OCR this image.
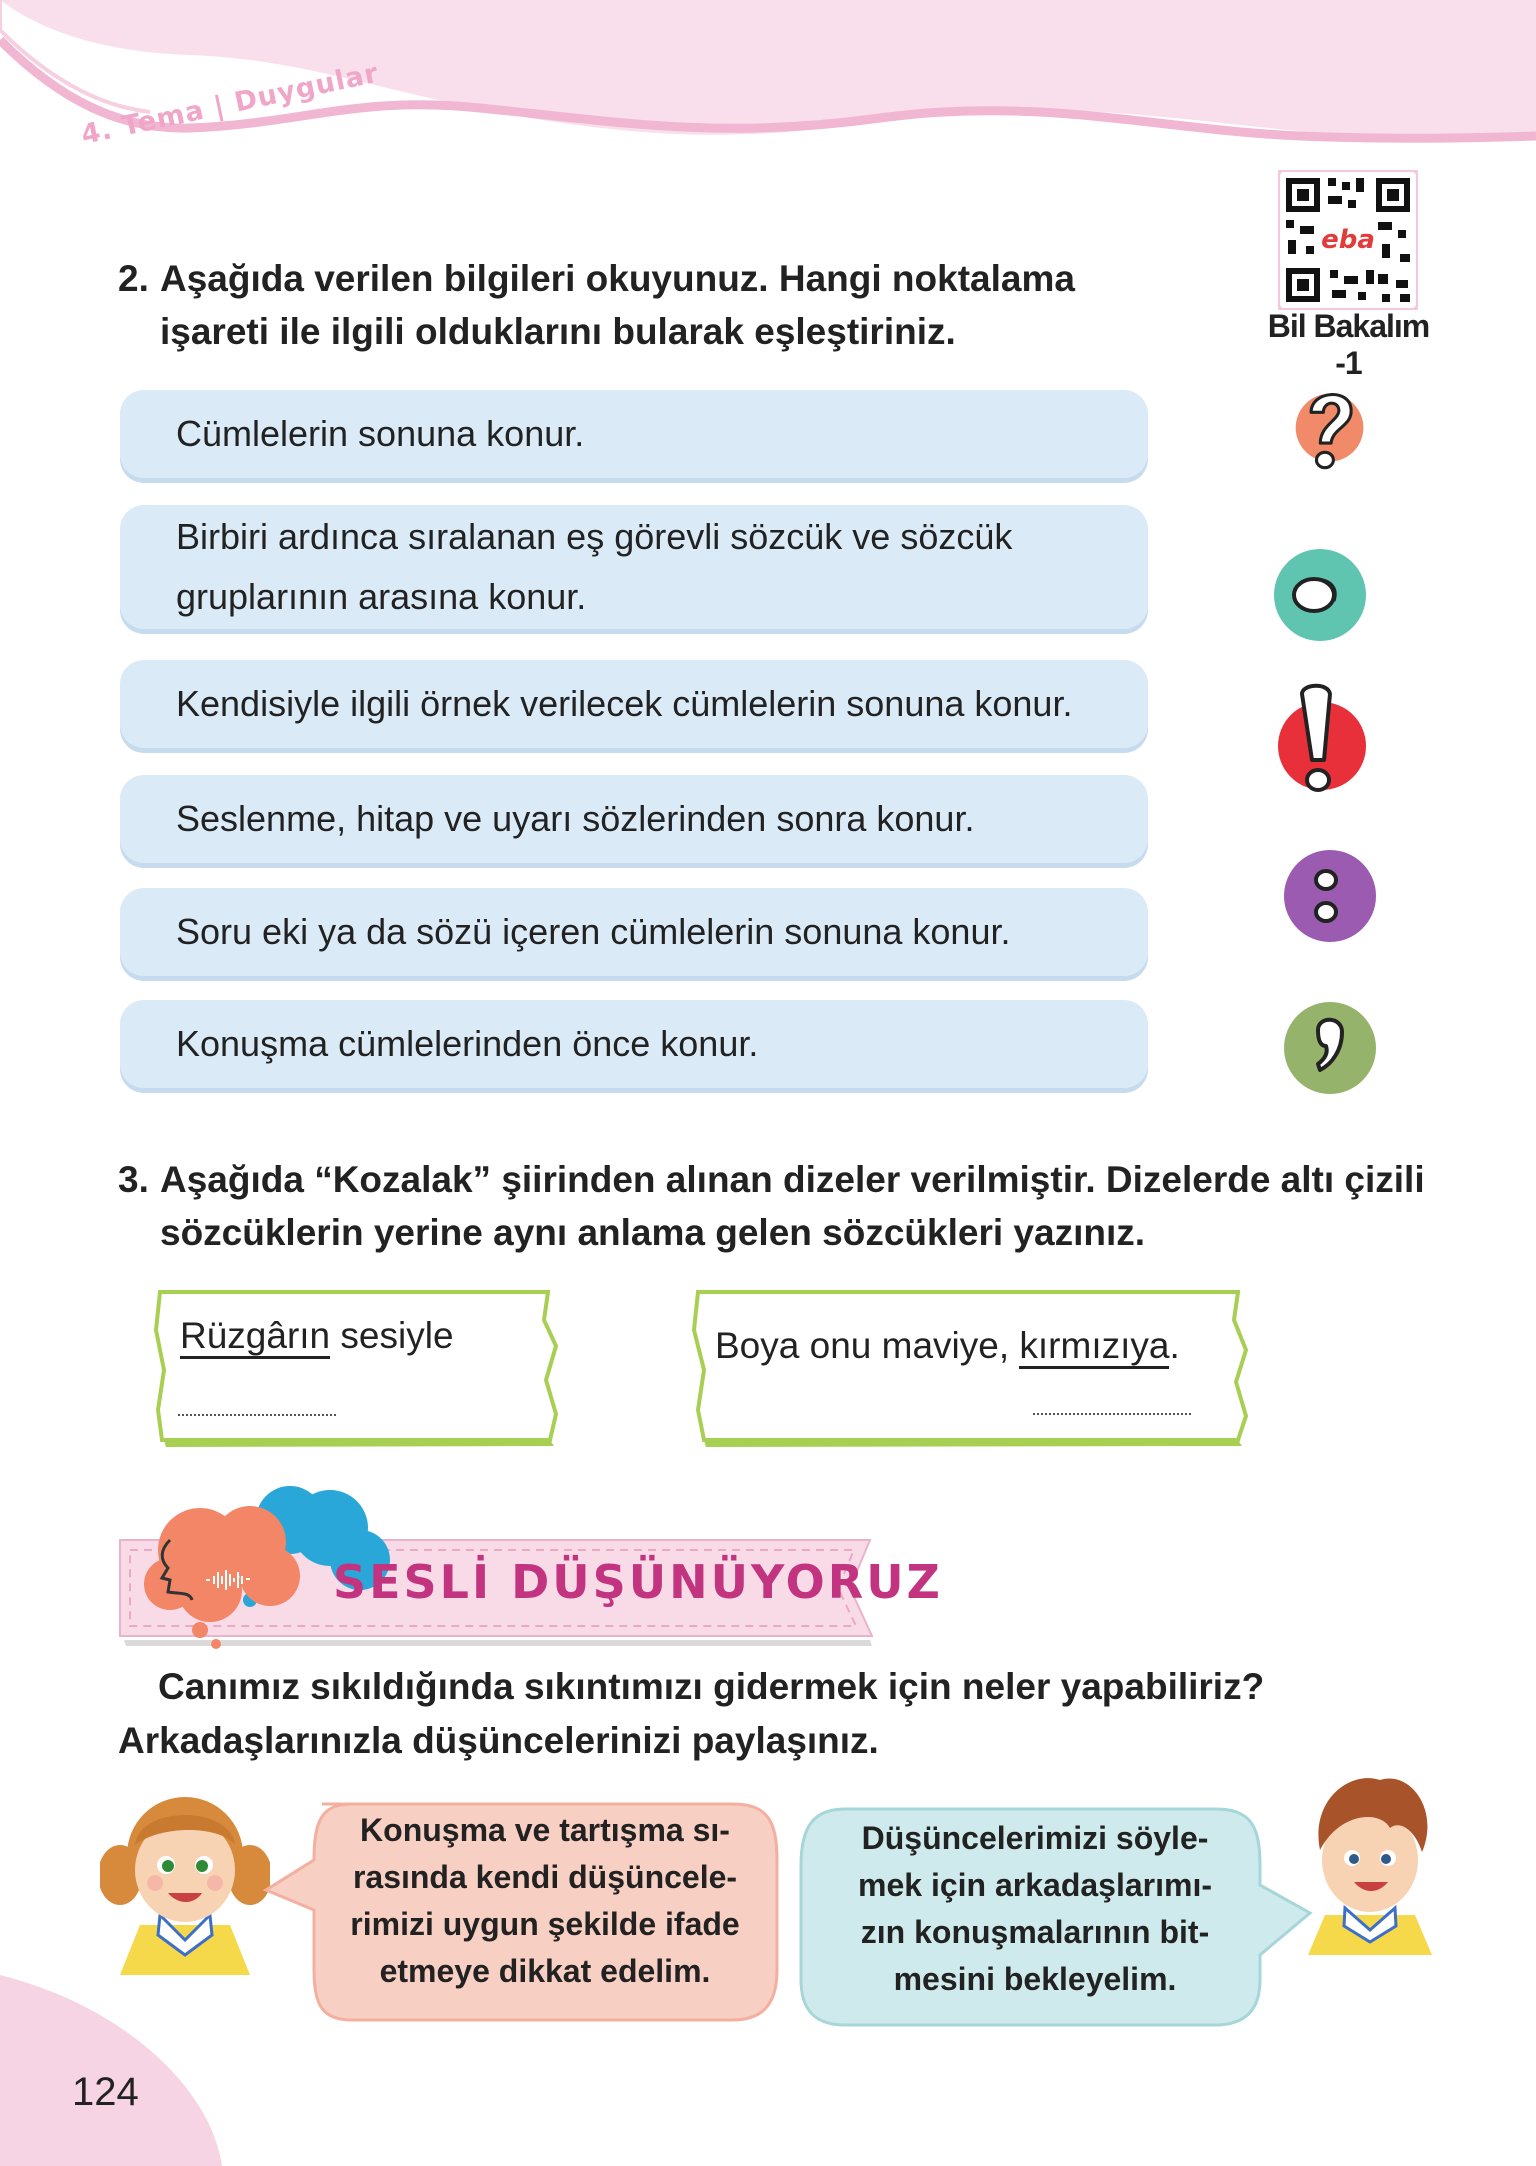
4. Tema | Duygular
eba
Bil Bakalım -1
2. Aşağıda verilen bilgileri okuyunuz. Hangi noktalama
işareti ile ilgili olduklarını bularak eşleştiriniz.
Cümlelerin sonuna konur.
Birbiri ardınca sıralanan eş görevli sözcük ve sözcük
gruplarının arasına konur.
Kendisiyle ilgili örnek verilecek cümlelerin sonuna konur.
Seslenme, hitap ve uyarı sözlerinden sonra konur.
Soru eki ya da sözü içeren cümlelerin sonuna konur.
Konuşma cümlelerinden önce konur.
3. Aşağıda “Kozalak” şiirinden alınan dizeler verilmiştir. Dizelerde altı çizili
sözcüklerin yerine aynı anlama gelen sözcükleri yazınız.
Rüzgârın sesiyle	Boya onu maviye, kırmızıya.
SESLİ DÜŞÜNÜYORUZ
Canımız sıkıldığında sıkıntımızı gidermek için neler yapabiliriz? Arkadaşlarınızla düşüncelerinizi paylaşınız.
Konuşma ve tartışma sı-
rasında kendi düşüncele-
rimizi uygun şekilde ifade
etmeye dikkat edelim.
Düşüncelerimizi söyle-
mek için arkadaşlarımı-
zın konuşmalarının bit-
mesini bekleyelim.
124
